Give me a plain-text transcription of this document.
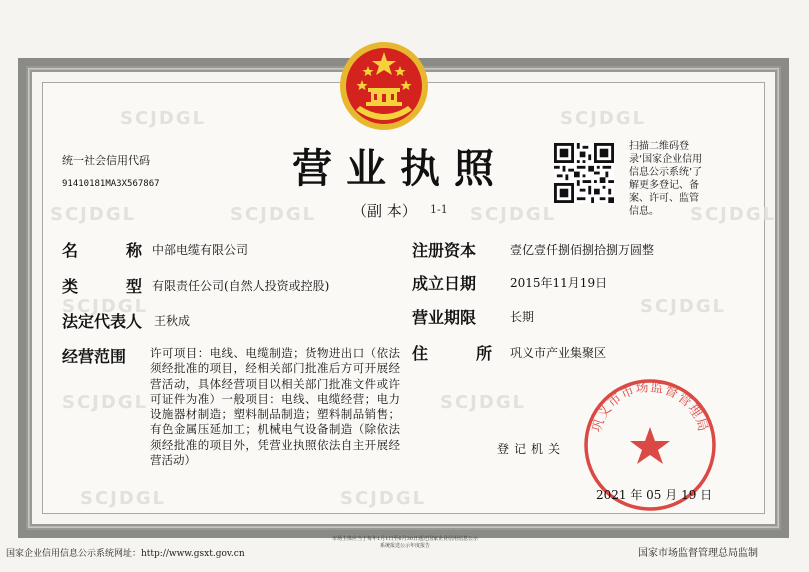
SCJDGL	SCJDGL
SCJDGL	SCJDGL	SCJDGL	SCJDGL
SCJDGL	SCJDGL
SCJDGL	SCJDGL
SCJDGL	SCJDGL
统一社会信用代码
91410181MA3X567867	营业执照
（副 本） 1-1
扫描二维码登录‘国家企业信用信息公示系统’了解更多登记、备案、许可、监管信息。
名	称 中部电缆有限公司
类	型 有限责任公司(自然人投资或控股)
法定代表人 王秋成
经营范围 许可项目：电线、电缆制造；货物进出口（依法须经批准的项目，经相关部门批准后方可开展经营活动，具体经营项目以相关部门批准文件或许可证件为准）一般项目：电线、电缆经营；电力设施器材制造；塑料制品制造；塑料制品销售；有色金属压延加工；机械电气设备制造（除依法须经批准的项目外，凭营业执照依法自主开展经营活动）
注册资本	壹亿壹仟捌佰捌拾捌万圆整
成立日期	2015年11月19日
营业期限	长期
住	所 巩义市产业集聚区
登记机关
巩义市市场监督管理局
2021 年 05 月 19 日
国家企业信用信息公示系统网址：http://www.gsxt.gov.cn
市场主体应当于每年1月1日至6月30日通过国家企业信用信息公示系统报送公示年度报告
国家市场监督管理总局监制
